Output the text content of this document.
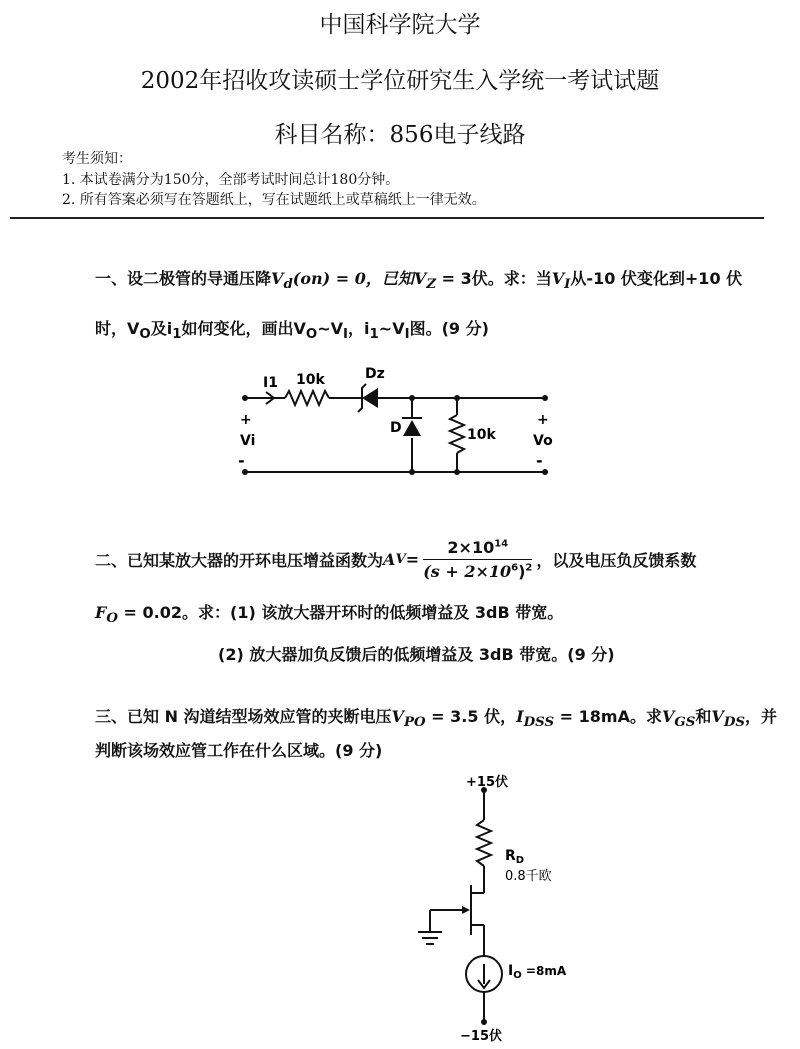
中国科学院大学
2002年招收攻读硕士学位研究生入学统一考试试题
科目名称：856电子线路
考生须知：
1. 本试卷满分为150分，全部考试时间总计180分钟。
2. 所有答案必须写在答题纸上，写在试题纸上或草稿纸上一律无效。
一、设二极管的导通压降$V_d(on) = 0$，已知$V_Z = 3$伏。求：当$V_I$从-10 伏变化到+10 伏
时，$V_O$及$i_1$如何变化，画出$V_O\sim V_I$，$i_1\sim V_I$图。(9 分)
I1 10k	Dz
D	10k
+
Vi
-
+
Vo
-
+15伏
$R_D$
0.8千欧
$I_O =8mA$
−15伏
二、已知某放大器的开环电压增益函数为 A $V = \frac{2\times 10^{14}}{(s + 2\times 10^6)^2}$ ，以及电压负反馈系数
$F_O = 0.02$。求：(1) 该放大器开环时的低频增益及 3dB 带宽。
(2) 放大器加负反馈后的低频增益及 3dB 带宽。(9 分)
三、已知 N 沟道结型场效应管的夹断电压$V_{PO} = 3.5$ 伏，$I_{DSS} = 18mA$。求$V_{GS}$和$V_{DS}$，并
判断该场效应管工作在什么区域。(9 分)
